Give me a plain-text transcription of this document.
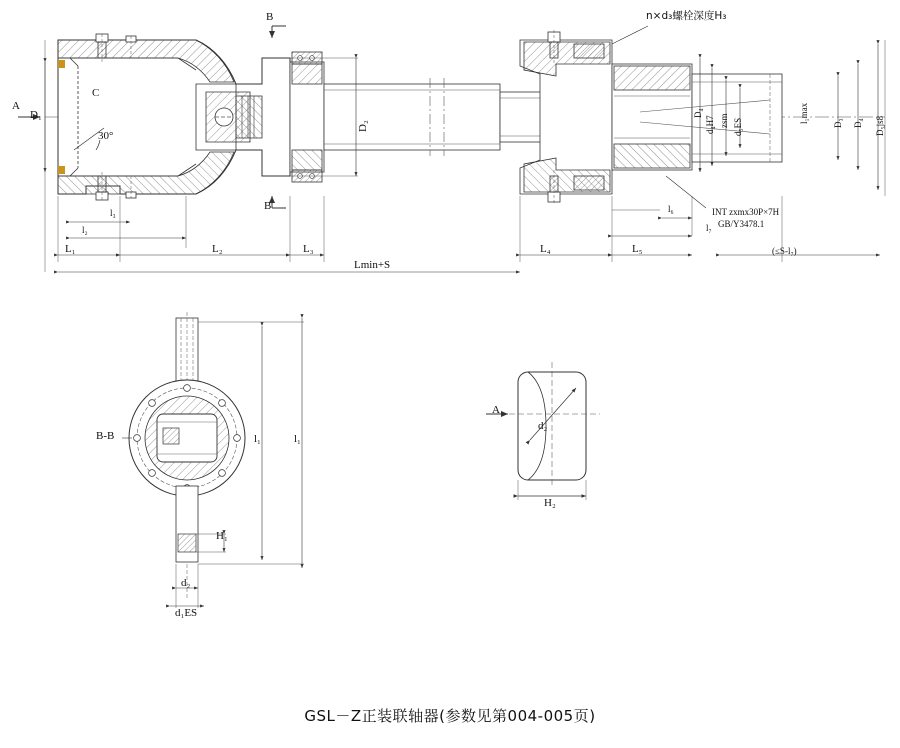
B
B
A
n×d₃螺栓深度H₃
C
30°
D₁
D₂	d₄H7 zsm d₅ES
D₄	l₁max	D₃ D₄ D₅js8
l₃
l₂
L₁	L₂	L₃	L₄	L₅
l₆
l₇
Lmin+S
(≤S-l₇)
INT zxmx30P×7H
GB/Y3478.1
B-B	l₁	l₁
H₁
d₂
d₁ES
A
d₂
H₂
GSL－Z正装联轴器(参数见第004-005页)
